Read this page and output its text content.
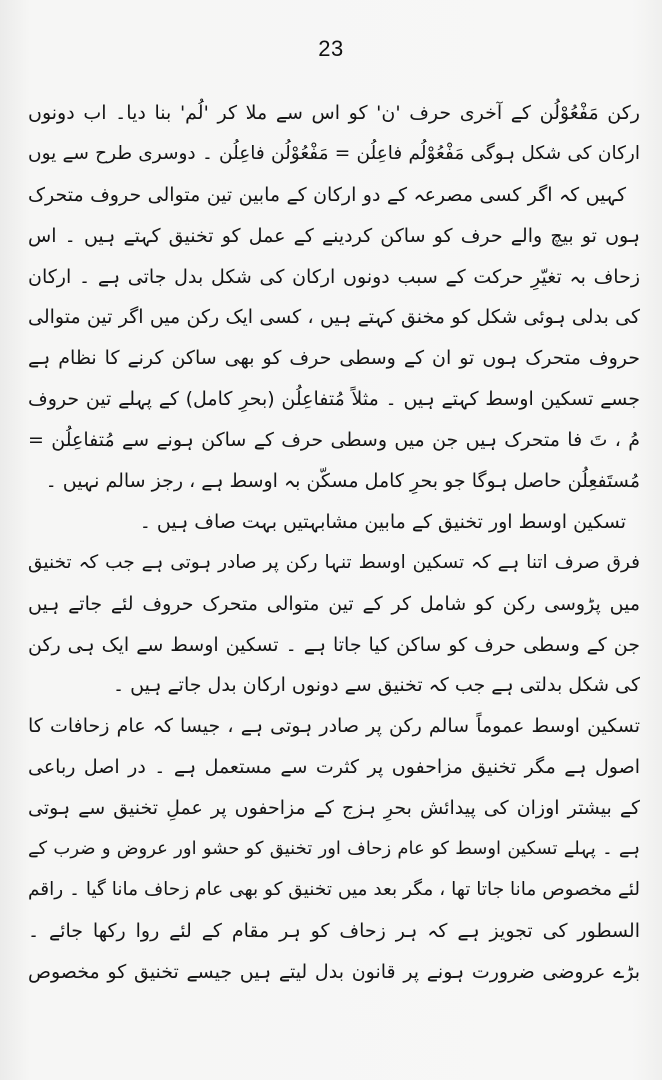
23
رکن مَفْعُوْلُن کے آخری حرف 'ن' کو اس سے ملا کر 'لُم' بنا دیا۔ اب دونوں
ارکان کی شکل ہوگی مَفْعُوْلُم فاعِلُن = مَفْعُوْلُن فاعِلُن ۔ دوسری طرح سے یوں
کہیں کہ اگر کسی مصرعہ کے دو ارکان کے مابین تین متوالی حروف متحرک
ہوں تو بیچ والے حرف کو ساکن کردینے کے عمل کو تخنیق کہتے ہیں ۔ اس
زحاف بہ تغیّرِ حرکت کے سبب دونوں ارکان کی شکل بدل جاتی ہے ۔ ارکان
کی بدلی ہوئی شکل کو مخنق کہتے ہیں ، کسی ایک رکن میں اگر تین متوالی
حروف متحرک ہوں تو ان کے وسطی حرف کو بھی ساکن کرنے کا نظام ہے
جسے تسکین اوسط کہتے ہیں ۔ مثلاً مُتفاعِلُن (بحرِ کامل) کے پہلے تین حروف
مُ ، تَ فا متحرک ہیں جن میں وسطی حرف کے ساکن ہونے سے مُتفاعِلُن =
مُستَفعِلُن حاصل ہوگا جو بحرِ کامل مسکّن بہ اوسط ہے ، رجز سالم نہیں ۔
تسکین اوسط اور تخنیق کے مابین مشابہتیں بہت صاف ہیں ۔
فرق صرف اتنا ہے کہ تسکین اوسط تنہا رکن پر صادر ہوتی ہے جب کہ تخنیق
میں پڑوسی رکن کو شامل کر کے تین متوالی متحرک حروف لئے جاتے ہیں
جن کے وسطی حرف کو ساکن کیا جاتا ہے ۔ تسکین اوسط سے ایک ہی رکن
کی شکل بدلتی ہے جب کہ تخنیق سے دونوں ارکان بدل جاتے ہیں ۔
تسکین اوسط عموماً سالم رکن پر صادر ہوتی ہے ، جیسا کہ عام زحافات کا
اصول ہے مگر تخنیق مزاحفوں پر کثرت سے مستعمل ہے ۔ در اصل رباعی
کے بیشتر اوزان کی پیدائش بحرِ ہزج کے مزاحفوں پر عملِ تخنیق سے ہوتی
ہے ۔ پہلے تسکین اوسط کو عام زحاف اور تخنیق کو حشو اور عروض و ضرب کے
لئے مخصوص مانا جاتا تھا ، مگر بعد میں تخنیق کو بھی عام زحاف مانا گیا ۔ راقم
السطور کی تجویز ہے کہ ہر زحاف کو ہر مقام کے لئے روا رکھا جائے ۔
بڑے عروضی ضرورت ہونے پر قانون بدل لیتے ہیں جیسے تخنیق کو مخصوص
